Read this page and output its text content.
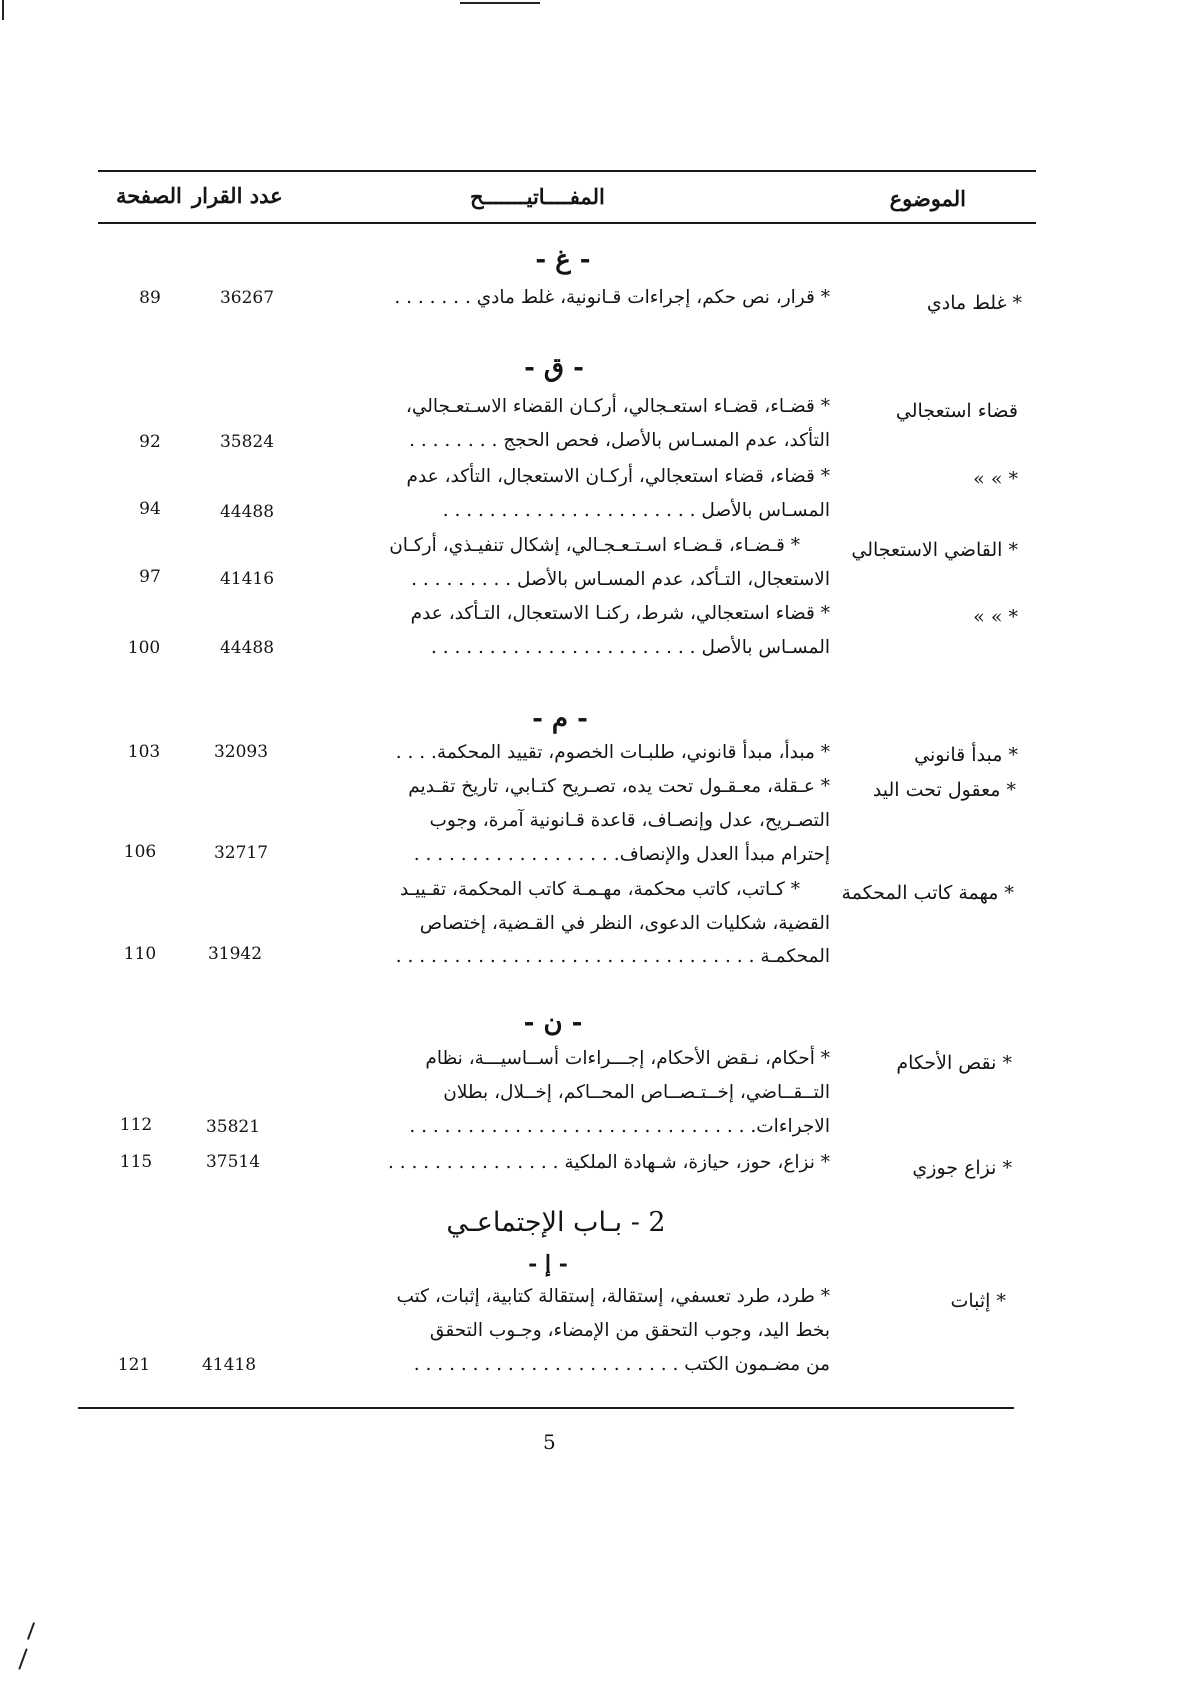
الموضوع
المفــــاتيـــــــح
عدد القرار
الصفحة
- غ -
* غلط مادي
* قرار، نص حكم، إجراءات قـانونية، غلط مادي . . . . . . .
36267
89
- ق -
قضاء استعجالي
* قضـاء، قضـاء استعـجالي، أركـان القضاء الاسـتعـجالي،
التأكد، عدم المسـاس بالأصل، فحص الحجج . . . . . . . .
35824
92
* » »
* قضاء، قضاء استعجالي، أركـان الاستعجال، التأكد، عدم
المسـاس بالأصل . . . . . . . . . . . . . . . . . . . . . .
44488
94
* القاضي الاستعجالي
* قـضـاء، قـضـاء اسـتـعـجـالي، إشكال تنفيـذي، أركـان
الاستعجال، التـأكد، عدم المسـاس بالأصل . . . . . . . . .
41416
97
* » »
* قضاء استعجالي، شرط، ركنـا الاستعجال، التـأكد، عدم
المسـاس بالأصل . . . . . . . . . . . . . . . . . . . . . . .
44488
100
- م -
* مبدأ قانوني
* مبدأ، مبدأ قانوني، طلبـات الخصوم، تقييد المحكمة. . . .
32093
103
* معقول تحت اليد
* عـقلة، معـقـول تحت يده، تصـريح كتـابي، تاريخ تقـديم
التصـريح، عدل وإنصـاف، قاعدة قـانونية آمرة، وجوب
إحترام مبدأ العدل والإنصاف. . . . . . . . . . . . . . . . . .
32717
106
* مهمة كاتب المحكمة
* كـاتب، كاتب محكمة، مهـمـة كاتب المحكمة، تقـييـد
القضية، شكليات الدعوى، النظر في القـضية، إختصاص
المحكمـة . . . . . . . . . . . . . . . . . . . . . . . . . . . . . . .
31942
110
- ن -
* نقص الأحكام
* أحكام، نـقض الأحكام، إجـــراءات أســاسيـــة، نظام
التــقــاضي، إخــتـصــاص المحــاكم، إخــلال، بطلان
الاجراءات. . . . . . . . . . . . . . . . . . . . . . . . . . . . . .
35821
112
* نزاع جوزي
* نزاع، حوز، حيازة، شـهادة الملكية . . . . . . . . . . . . . . .
37514
115
2 - بـاب الإجتماعـي
- إ -
* إثبات
* طرد، طرد تعسفي، إستقالة، إستقالة كتابية، إثبات، كتب
بخط اليد، وجوب التحقق من الإمضاء، وجـوب التحقق
من مضـمون الكتب . . . . . . . . . . . . . . . . . . . . . . .
41418
121
5
